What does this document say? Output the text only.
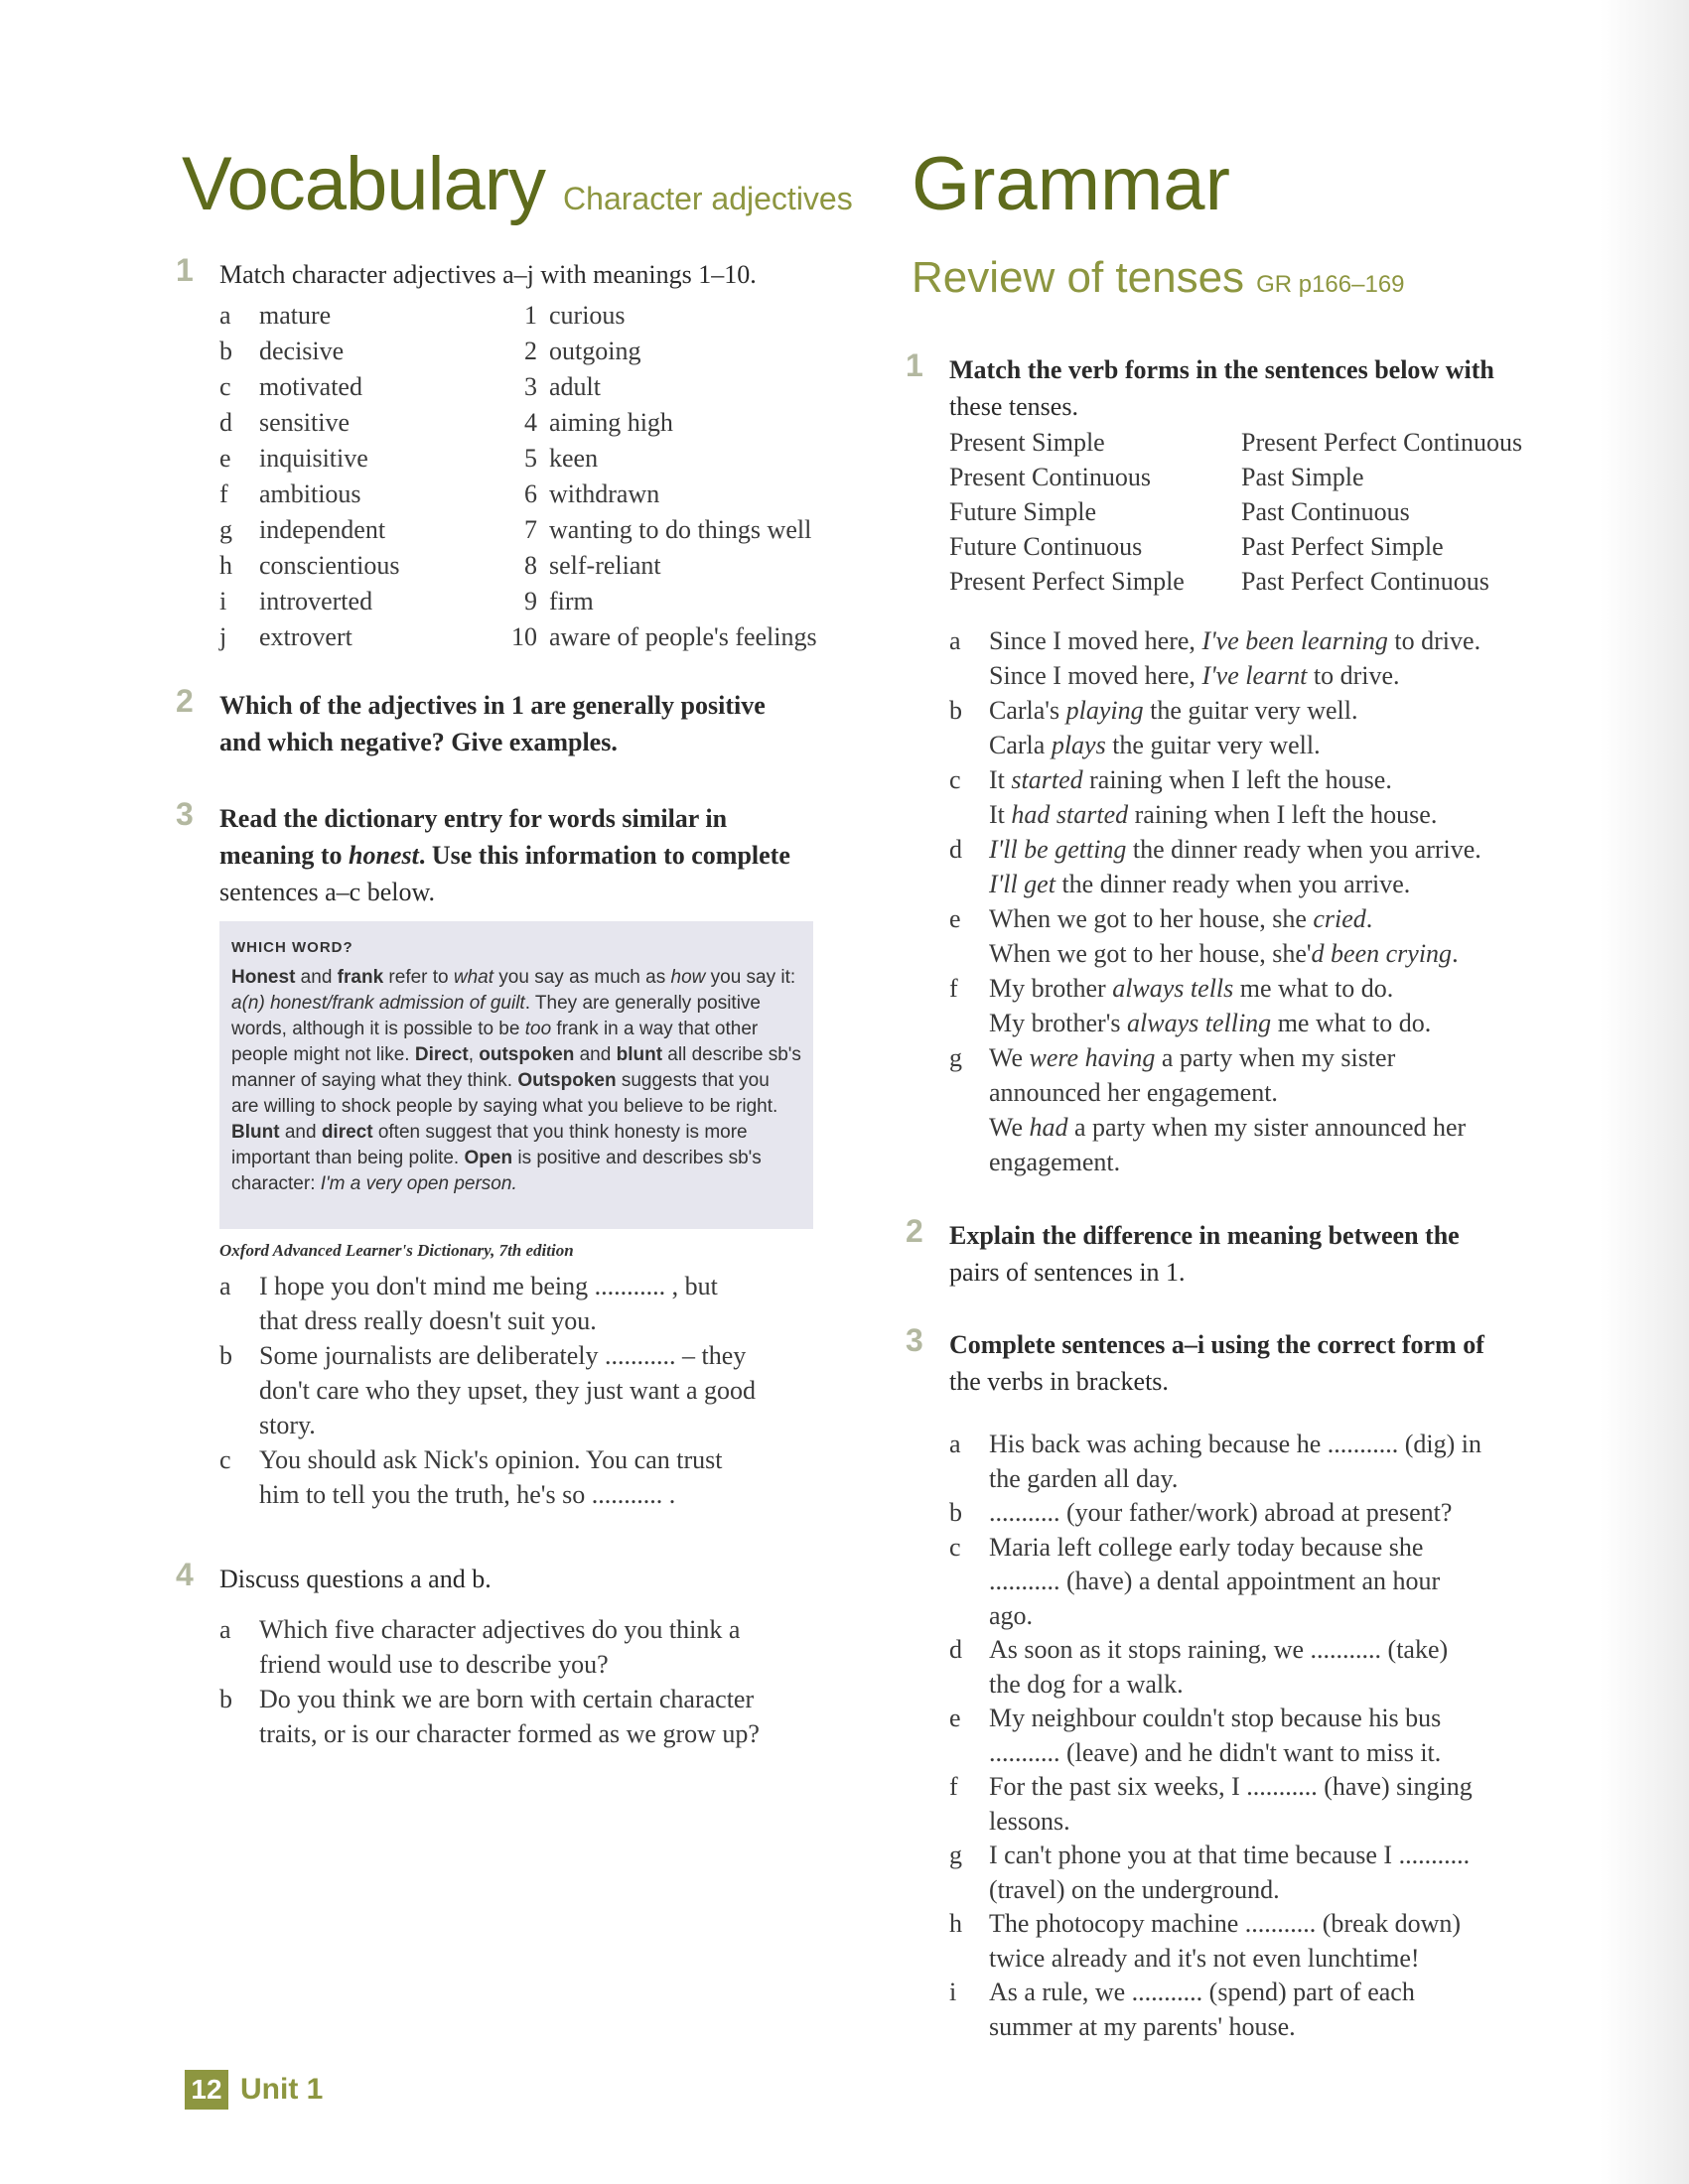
Vocabulary Character adjectives
1 Match character adjectives a–j with meanings 1–10.
a	mature	1 curious
b	decisive	2 outgoing
c	motivated	3 adult
d	sensitive	4 aiming high
e	inquisitive	5 keen
f	ambitious	6 withdrawn
g	independent	7 wanting to do things well
h	conscientious	8 self-reliant
i	introverted	9 firm
j	extrovert	10 aware of people's feelings
2 Which of the adjectives in 1 are generally positive
and which negative? Give examples.
3 Read the dictionary entry for words similar in
meaning to honest. Use this information to complete
sentences a–c below.
WHICH WORD?
Honest and frank refer to what you say as much as how you say it: a(n) honest/frank admission of guilt. They are generally positive words, although it is possible to be too frank in a way that other people might not like. Direct, outspoken and blunt all describe sb's manner of saying what they think. Outspoken suggests that you are willing to shock people by saying what you believe to be right. Blunt and direct often suggest that you think honesty is more important than being polite. Open is positive and describes sb's character: I'm a very open person.
Oxford Advanced Learner's Dictionary, 7th edition
a	I hope you don't mind me being ........... , but
that dress really doesn't suit you.
b	Some journalists are deliberately ........... – they
don't care who they upset, they just want a good
story.
c	You should ask Nick's opinion. You can trust
him to tell you the truth, he's so ........... .
4 Discuss questions a and b.
a	Which five character adjectives do you think a
friend would use to describe you?
b	Do you think we are born with certain character
traits, or is our character formed as we grow up?
Grammar
Review of tenses GR p166–169
1 Match the verb forms in the sentences below with
these tenses.
Present Simple	Present Perfect Continuous
Present Continuous	Past Simple
Future Simple	Past Continuous
Future Continuous	Past Perfect Simple
Present Perfect Simple	Past Perfect Continuous
a	Since I moved here, I've been learning to drive.
Since I moved here, I've learnt to drive.
b	Carla's playing the guitar very well.
Carla plays the guitar very well.
c	It started raining when I left the house.
It had started raining when I left the house.
d	I'll be getting the dinner ready when you arrive.
I'll get the dinner ready when you arrive.
e	When we got to her house, she cried.
When we got to her house, she'd been crying.
f	My brother always tells me what to do.
My brother's always telling me what to do.
g	We were having a party when my sister
announced her engagement.
We had a party when my sister announced her
engagement.
2 Explain the difference in meaning between the
pairs of sentences in 1.
3 Complete sentences a–i using the correct form of
the verbs in brackets.
a	His back was aching because he ........... (dig) in
the garden all day.
b	........... (your father/work) abroad at present?
c	Maria left college early today because she
........... (have) a dental appointment an hour
ago.
d	As soon as it stops raining, we ........... (take)
the dog for a walk.
e	My neighbour couldn't stop because his bus
........... (leave) and he didn't want to miss it.
f	For the past six weeks, I ........... (have) singing
lessons.
g	I can't phone you at that time because I ...........
(travel) on the underground.
h	The photocopy machine ........... (break down)
twice already and it's not even lunchtime!
i	As a rule, we ........... (spend) part of each
summer at my parents' house.
12 Unit 1
